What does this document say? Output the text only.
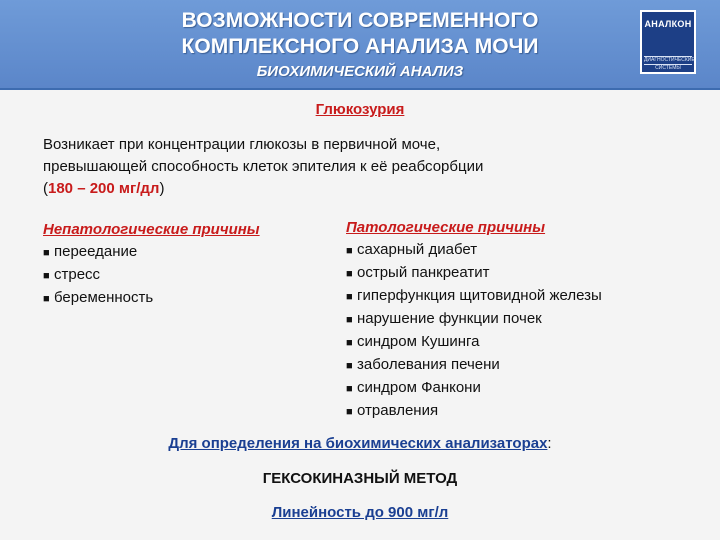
ВОЗМОЖНОСТИ СОВРЕМЕННОГО
КОМПЛЕКСНОГО АНАЛИЗА МОЧИ
БИОХИМИЧЕСКИЙ АНАЛИЗ
АНАЛКОН
ДИАГНОСТИЧЕСКИЕ
СИСТЕМЫ
Глюкозурия
Возникает при концентрации глюкозы в первичной моче,
превышающей способность клеток эпителия к её реабсорбции
(180 – 200 мг/дл)
Непатологические причины
■ переедание
■ стресс
■ беременность
Патологические причины
■ сахарный диабет
■ острый панкреатит
■ гиперфункция щитовидной железы
■ нарушение функции почек
■ синдром Кушинга
■ заболевания печени
■ синдром Фанкони
■ отравления
Для определения на биохимических анализаторах:
ГЕКСОКИНАЗНЫЙ МЕТОД
Линейность до 900 мг/л
